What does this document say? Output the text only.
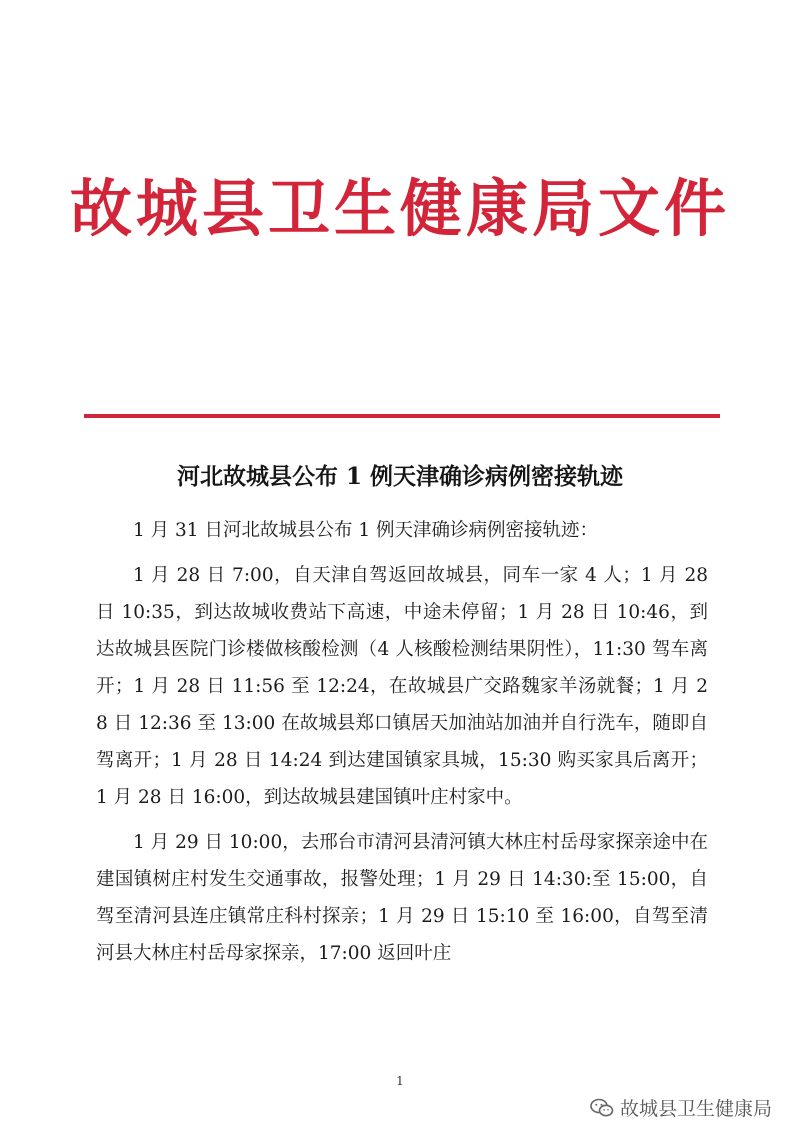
故城县卫生健康局文件
河北故城县公布 1 例天津确诊病例密接轨迹

1 月 31 日河北故城县公布 1 例天津确诊病例密接轨迹：

1 月 28 日 7:00，自天津自驾返回故城县，同车一家 4 人；1 月 28 日 10:35，到达故城收费站下高速，中途未停留；1 月 28 日 10:46，到达故城县医院门诊楼做核酸检测（4 人核酸检测结果阴性），11:30 驾车离开；1 月 28 日 11:56 至 12:24，在故城县广交路魏家羊汤就餐；1 月 28 日 12:36 至 13:00 在故城县郑口镇居天加油站加油并自行洗车，随即自驾离开；1 月 28 日 14:24 到达建国镇家具城，15:30 购买家具后离开；1 月 28 日 16:00，到达故城县建国镇叶庄村家中。

1 月 29 日 10:00，去邢台市清河县清河镇大林庄村岳母家探亲途中在建国镇树庄村发生交通事故，报警处理；1 月 29 日 14:30:至 15:00，自驾至清河县连庄镇常庄科村探亲；1 月 29 日 15:10 至 16:00，自驾至清河县大林庄村岳母家探亲，17:00 返回叶庄

1
故城县卫生健康局
